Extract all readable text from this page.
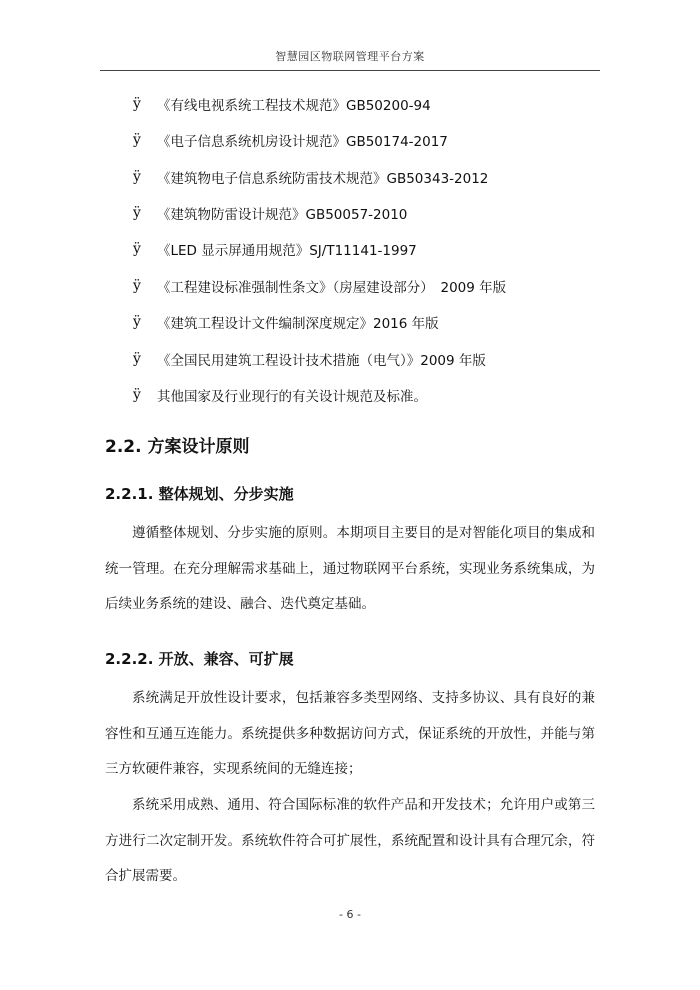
智慧园区物联网管理平台方案
ÿ	《有线电视系统工程技术规范》GB50200-94
ÿ	《电子信息系统机房设计规范》GB50174-2017
ÿ	《建筑物电子信息系统防雷技术规范》GB50343-2012
ÿ	《建筑物防雷设计规范》GB50057-2010
ÿ	《LED 显示屏通用规范》SJ/T11141-1997
ÿ	《工程建设标准强制性条文》（房屋建设部分）　2009 年版
ÿ	《建筑工程设计文件编制深度规定》2016 年版
ÿ	《全国民用建筑工程设计技术措施（电气）》2009 年版
ÿ	其他国家及行业现行的有关设计规范及标准。
2.2. 方案设计原则
2.2.1. 整体规划、分步实施
遵循整体规划、分步实施的原则。本期项目主要目的是对智能化项目的集成和统一管理。在充分理解需求基础上，通过物联网平台系统，实现业务系统集成，为后续业务系统的建设、融合、迭代奠定基础。
2.2.2. 开放、兼容、可扩展
系统满足开放性设计要求，包括兼容多类型网络、支持多协议、具有良好的兼容性和互通互连能力。系统提供多种数据访问方式，保证系统的开放性，并能与第三方软硬件兼容，实现系统间的无缝连接；
系统采用成熟、通用、符合国际标准的软件产品和开发技术；允许用户或第三方进行二次定制开发。系统软件符合可扩展性，系统配置和设计具有合理冗余，符合扩展需要。
- 6 -
